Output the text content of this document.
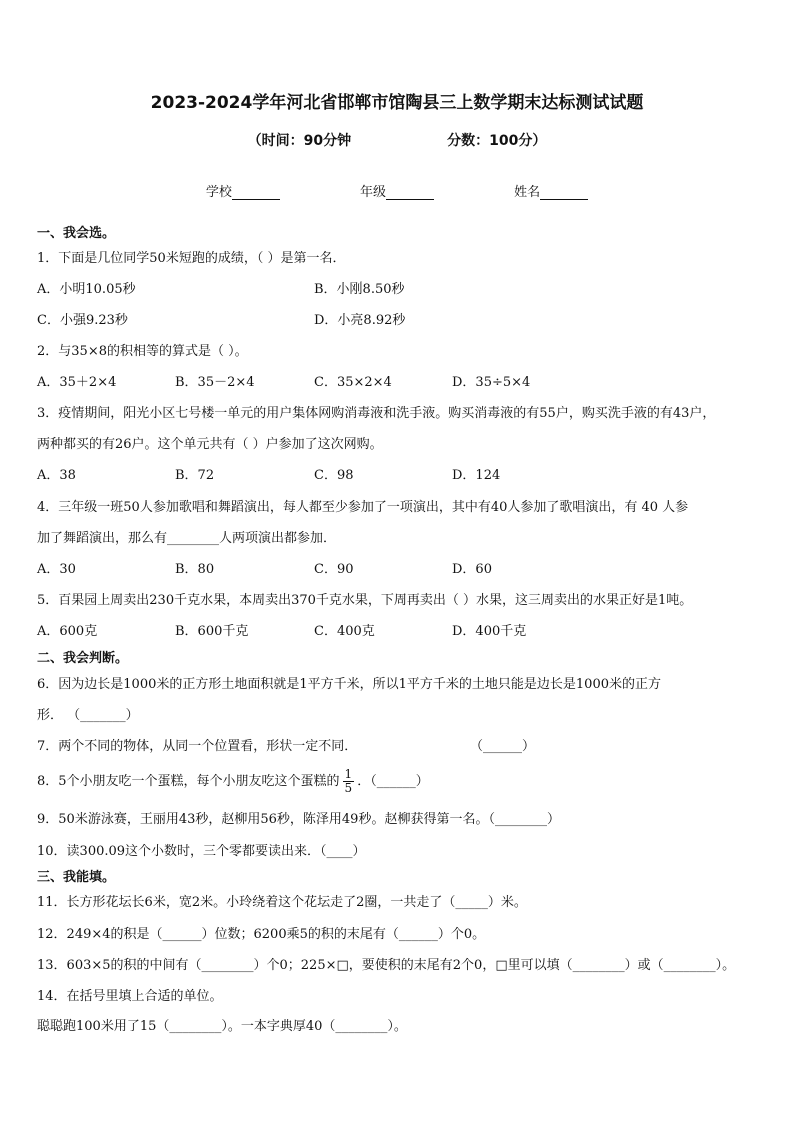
2023-2024学年河北省邯郸市馆陶县三上数学期末达标测试试题
（时间：90分钟	分数：100分）
学校	年级	姓名
一、我会选。
1．下面是几位同学50米短跑的成绩，（ ）是第一名．
A．小明10.05秒	B．小刚8.50秒
C．小强9.23秒	D．小亮8.92秒
2．与35×8的积相等的算式是（ ）。
A．35＋2×4	B．35－2×4	C．35×2×4	D．35÷5×4
3．疫情期间，阳光小区七号楼一单元的用户集体网购消毒液和洗手液。购买消毒液的有55户，购买洗手液的有43户，
两种都买的有26户。这个单元共有（ ）户参加了这次网购。
A．38	B．72	C．98	D．124
4．三年级一班50人参加歌唱和舞蹈演出，每人都至少参加了一项演出，其中有40人参加了歌唱演出，有 40 人参
加了舞蹈演出，那么有________人两项演出都参加．
A．30	B．80	C．90	D．60
5．百果园上周卖出230千克水果，本周卖出370千克水果，下周再卖出（ ）水果，这三周卖出的水果正好是1吨。
A．600克	B．600千克	C．400克	D．400千克
二、我会判断。
6．因为边长是1000米的正方形土地面积就是1平方千米，所以1平方千米的土地只能是边长是1000米的正方
形． （_______）
7．两个不同的物体，从同一个位置看，形状一定不同．	（______）
8．5个小朋友吃一个蛋糕，每个小朋友吃这个蛋糕的 $\frac{1}{5}$ ．（______）
9．50米游泳赛，王丽用43秒，赵柳用56秒，陈泽用49秒。赵柳获得第一名。（________）
10．读300.09这个小数时，三个零都要读出来．（____）
三、我能填。
11．长方形花坛长6米，宽2米。小玲绕着这个花坛走了2圈，一共走了（_____）米。
12．249×4的积是（______）位数；6200乘5的积的末尾有（______）个0。
13．603×5的积的中间有（________）个0；225×□，要使积的末尾有2个0，□里可以填（________）或（________）。
14．在括号里填上合适的单位。
聪聪跑100米用了15（________）。一本字典厚40（________）。
